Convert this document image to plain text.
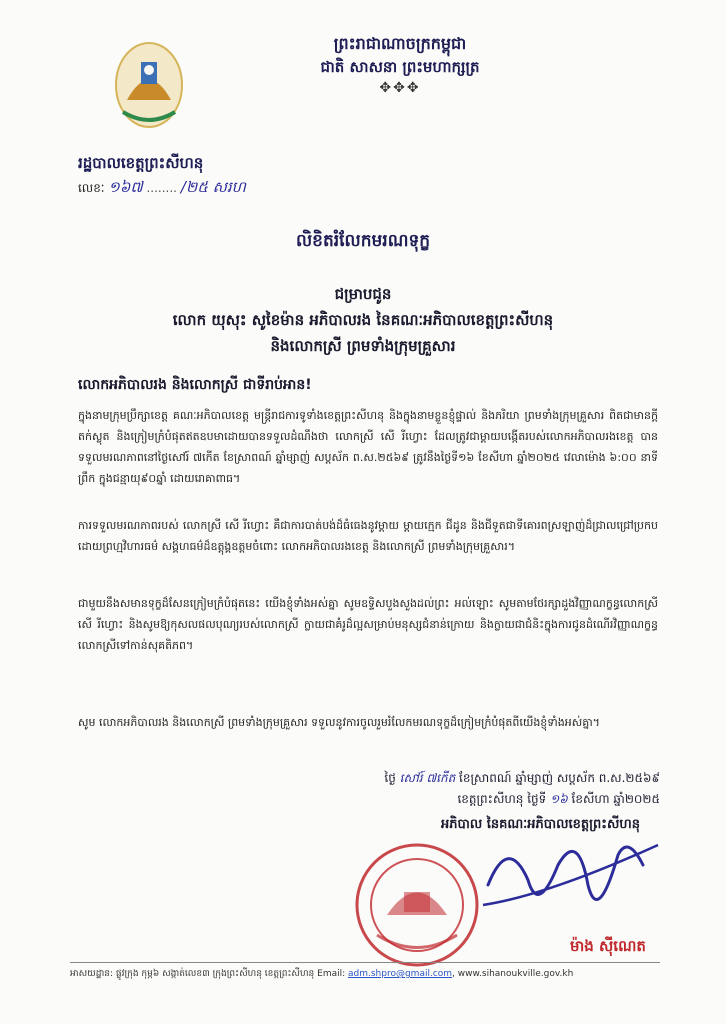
ព្រះរាជាណាចក្រកម្ពុជា
ជាតិ សាសនា ព្រះមហាក្សត្រ
✥✥✥
រដ្ឋបាលខេត្តព្រះសីហនុ
លេខៈ ១៦៧ ........ /២៥ សរហ
លិខិតរំលែកមរណទុក្ខ
ជម្រាបជូន
លោក យុសុះ សូខៃម៉ាន អភិបាលរង នៃគណៈអភិបាលខេត្តព្រះសីហនុ
និងលោកស្រី ព្រមទាំងក្រុមគ្រួសារ
លោកអភិបាលរង និងលោកស្រី ជាទីរាប់អាន!
ក្នុងនាមក្រុមប្រឹក្សាខេត្ត គណៈអភិបាលខេត្ត មន្ត្រីរាជការទូទាំងខេត្តព្រះសីហនុ និងក្នុងនាមខ្លួនខ្ញុំផ្ទាល់ និងភរិយា ព្រមទាំងក្រុមគ្រួសារ ពិតជាមានក្ដីតក់ស្លុត និងក្រៀមក្រំបំផុតឥតឧបមាដោយបានទទួលដំណឹងថា លោកស្រី សើ រីហ្វោះ ដែលត្រូវជាម្ដាយបង្កើតរបស់លោកអភិបាលរងខេត្ត បានទទួលមរណភាពនៅថ្ងៃសៅរ៍ ៧កើត ខែស្រាពណ៍ ឆ្នាំម្សាញ់ សប្តស័ក ព.ស.២៥៦៩ ត្រូវនឹងថ្ងៃទី១៦ ខែសីហា ឆ្នាំ២០២៥ វេលាម៉ោង ៦:០០ នាទីព្រឹក ក្នុងជន្មាយុ៩០ឆ្នាំ ដោយរោគាពាធ។
ការទទួលមរណភាពរបស់ លោកស្រី សើ រីហ្វោះ គឺជាការបាត់បង់ដ៏ធំធេងនូវម្ដាយ ម្ដាយក្មេក ជីដូន និងជីទួតជាទីគោរពស្រឡាញ់ដ៏ជ្រាលជ្រៅប្រកបដោយព្រហ្មវិហារធម៌ សង្គហធម៌ដ៏ឧត្តុង្គឧត្តមចំពោះ លោកអភិបាលរងខេត្ត និងលោកស្រី ព្រមទាំងក្រុមគ្រួសារ។
ជាមួយនឹងសមានទុក្ខដ៏សែនក្រៀមក្រំបំផុតនេះ យើងខ្ញុំទាំងអស់គ្នា សូមឧទ្ទិសបួងសួងដល់ព្រះ អល់ឡោះ សូមតាមថែរក្សាដួងវិញ្ញាណក្ខន្ធលោកស្រី សើ រីហ្វោះ និងសូមឱ្យកុសលផលបុណ្យរបស់លោកស្រី ក្លាយជាគំរូដ៏ល្អសម្រាប់មនុស្សជំនាន់ក្រោយ និងក្លាយជាជំនិះក្នុងការជូនដំណើរវិញ្ញាណក្ខន្ធលោកស្រីទៅកាន់សុគតិភព។
សូម លោកអភិបាលរង និងលោកស្រី ព្រមទាំងក្រុមគ្រួសារ ទទួលនូវការចូលរួមរំលែកមរណទុក្ខដ៏ក្រៀមក្រំបំផុតពីយើងខ្ញុំទាំងអស់គ្នា។
ថ្ងៃ សៅរ៍ ៧កើត ខែស្រាពណ៍ ឆ្នាំម្សាញ់ សប្តស័ក ព.ស.២៥៦៩
ខេត្តព្រះសីហនុ ថ្ងៃទី ១៦ ខែសីហា ឆ្នាំ២០២៥
អភិបាល នៃគណៈអភិបាលខេត្តព្រះសីហនុ
ម៉ាង ស៊ីណេត
អាសយដ្ឋាន: ផ្លូវក្រុង កុម្ភ៦ សង្កាត់លេខ៣ ក្រុងព្រះសីហនុ ខេត្តព្រះសីហនុ Email: adm.shpro@gmail.com, www.sihanoukville.gov.kh
